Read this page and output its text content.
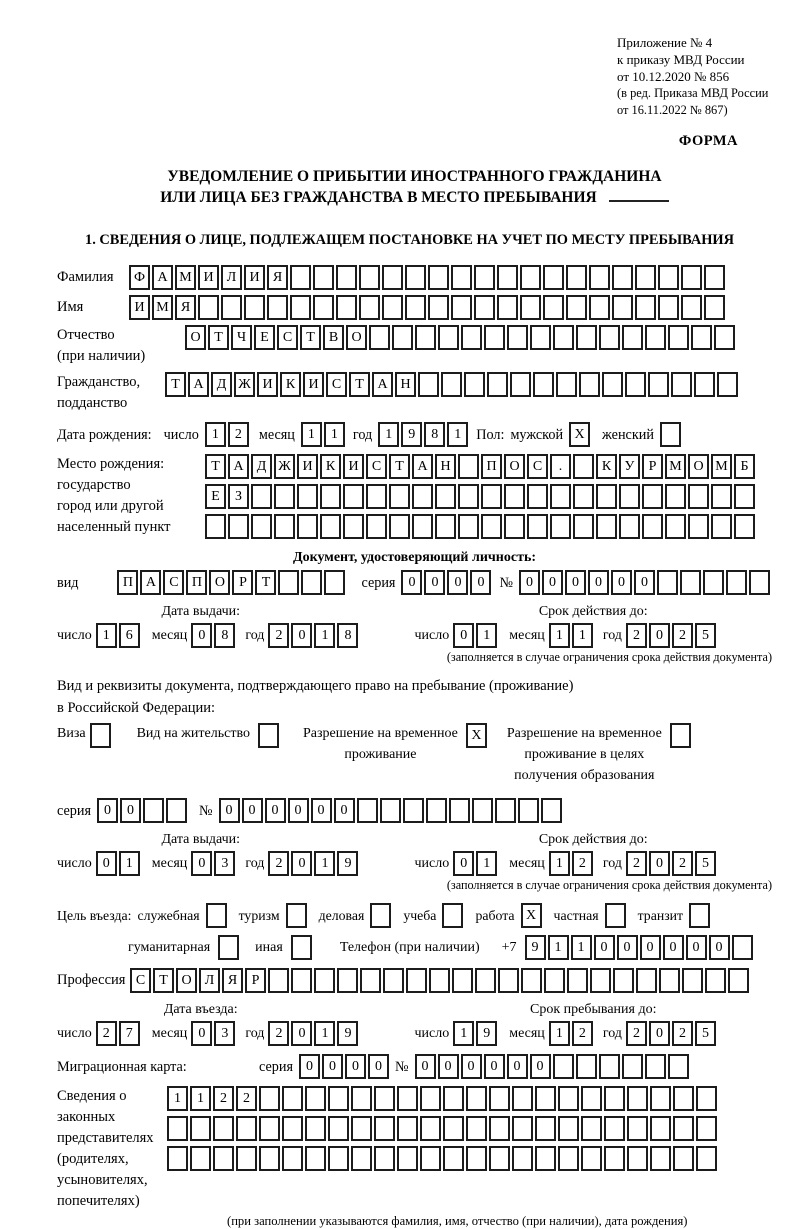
Приложение № 4
к приказу МВД России
от 10.12.2020 № 856
(в ред. Приказа МВД России
от 16.11.2022 № 867)
ФОРМА
УВЕДОМЛЕНИЕ О ПРИБЫТИИ ИНОСТРАННОГО ГРАЖДАНИНА
ИЛИ ЛИЦА БЕЗ ГРАЖДАНСТВА В МЕСТО ПРЕБЫВАНИЯ
1. СВЕДЕНИЯ О ЛИЦЕ, ПОДЛЕЖАЩЕМ ПОСТАНОВКЕ НА УЧЕТ ПО МЕСТУ ПРЕБЫВАНИЯ
Фамилия	Ф А М И Л И Я
Имя	И М Я
Отчество
(при наличии)
О Т	Ч	Е	С	Т	В О
Гражданство,
подданство
Т А Д Ж И К И С	Т А Н
Дата рождения: число 1	2	месяц 1	1	год 1	9	8	1	Пол: мужской X	женский
Место рождения:
государство
город или другой
населенный пункт
Т А Д Ж И К И С	Т А Н	П О С	.	К У	Р М О М Б
Е	З
Документ, удостоверяющий личность:
вид	П А С П О	Р	Т	серия 0	0	0	0	№ 0	0	0	0	0	0
Дата выдачи:
число 1	6	месяц 0	8	год 2	0	1	8
Срок действия до:
число 0	1	месяц 1	1	год 2	0	2	5
(заполняется в случае ограничения срока действия документа)
Вид и реквизиты документа, подтверждающего право на пребывание (проживание)
в Российской Федерации:
Виза	Вид на жительство	Разрешение на временное
проживание
X	Разрешение на временное
проживание в целях
получения образования
серия 0	0	№ 0	0	0	0	0	0
Дата выдачи:
число 0	1	месяц 0	3	год 2	0	1	9
Срок действия до:
число 0	1	месяц 1	2	год 2	0	2	5
(заполняется в случае ограничения срока действия документа)
Цель въезда: служебная	туризм	деловая	учеба	работа X	частная	транзит
гуманитарная	иная	Телефон (при наличии) +7	9	1	1	0	0	0	0	0	0
Профессия С	Т О Л Я	Р
Дата въезда:
число 2	7	месяц 0	3	год 2	0	1	9
Срок пребывания до:
число 1	9	месяц 1	2	год 2	0	2	5
Миграционная карта:	серия 0	0	0	0 № 0	0	0	0	0	0
Сведения о
законных
представителях
(родителях,
усыновителях,
попечителях)
1	1	2	2
(при заполнении указываются фамилия, имя, отчество (при наличии), дата рождения)
